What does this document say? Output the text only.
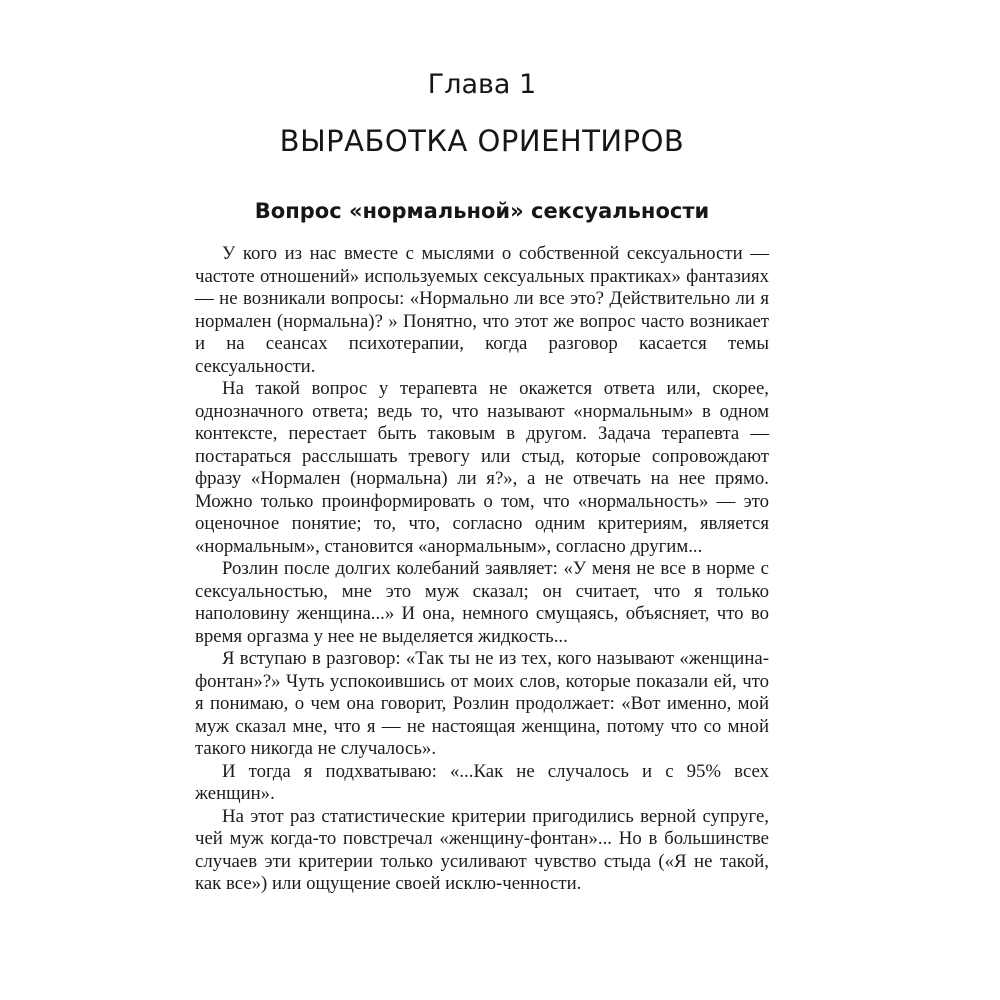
Глава 1
ВЫРАБОТКА ОРИЕНТИРОВ
Вопрос «нормальной» сексуальности

У кого из нас вместе с мыслями о собственной сексуальности — частоте отношений» используемых сексуальных практиках» фантазиях — не возникали вопросы: «Нормально ли все это? Действительно ли я нормален (нормальна)? » Понятно, что этот же вопрос часто возникает и на сеансах психотерапии, когда разговор касается темы сексуальности.

На такой вопрос у терапевта не окажется ответа или, скорее, однозначного ответа; ведь то, что называют «нормальным» в одном контексте, перестает быть таковым в другом. Задача терапевта — постараться расслышать тревогу или стыд, которые сопровождают фразу «Нормален (нормальна) ли я?», а не отвечать на нее прямо. Можно только проинформировать о том, что «нормальность» — это оценочное понятие; то, что, согласно одним критериям, является «нормальным», становится «анормальным», согласно другим...

Розлин после долгих колебаний заявляет: «У меня не все в норме с сексуальностью, мне это муж сказал; он считает, что я только наполовину женщина...» И она, немного смущаясь, объясняет, что во время оргазма у нее не выделяется жидкость...

Я вступаю в разговор: «Так ты не из тех, кого называют «женщина-фонтан»?» Чуть успокоившись от моих слов, которые показали ей, что я понимаю, о чем она говорит, Розлин продолжает: «Вот именно, мой муж сказал мне, что я — не настоящая женщина, потому что со мной такого никогда не случалось».

И тогда я подхватываю: «...Как не случалось и с 95% всех женщин».

На этот раз статистические критерии пригодились верной супруге, чей муж когда-то повстречал «женщину-фонтан»... Но в большинстве случаев эти критерии только усиливают чувство стыда («Я не такой, как все») или ощущение своей исклю-ченности.
